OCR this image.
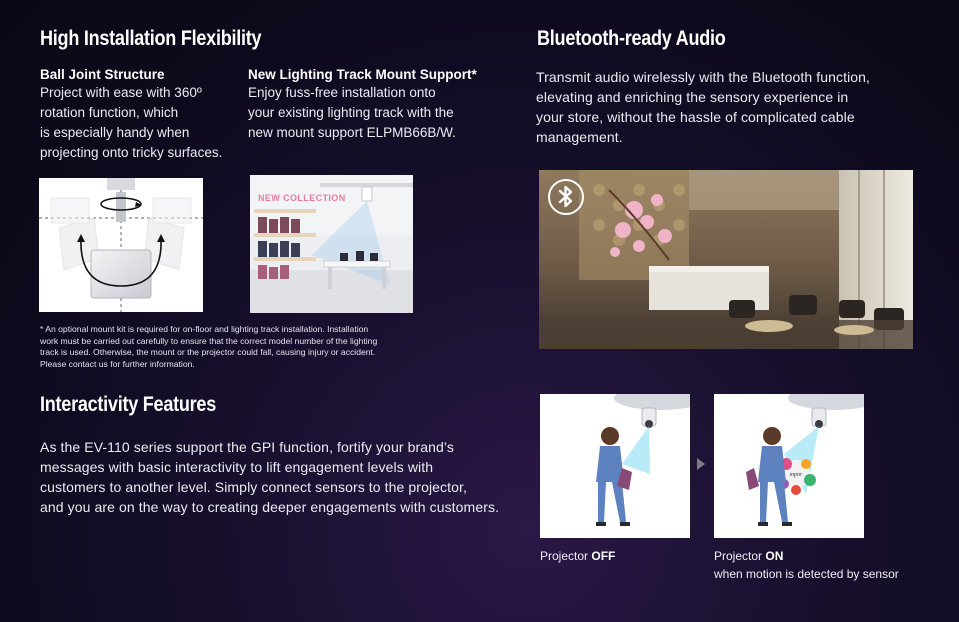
High Installation Flexibility
Ball Joint Structure
Project with ease with 360º
rotation function, which
is especially handy when
projecting onto tricky surfaces.
New Lighting Track Mount Support*
Enjoy fuss-free installation onto
your existing lighting track with the
new mount support ELPMB66B/W.
NEW COLLECTION
* An optional mount kit is required for on-floor and lighting track installation. Installation
work must be carried out carefully to ensure that the correct model number of the lighting
track is used. Otherwise, the mount or the projector could fall, causing injury or accident.
Please contact us for further information.
Bluetooth-ready Audio
Transmit audio wirelessly with the Bluetooth function,
elevating and enriching the sensory experience in
your store, without the hassle of complicated cable
management.
Interactivity Features
As the EV-110 series support the GPI function, fortify your brand’s
messages with basic interactivity to lift engagement levels with
customers to another level. Simply connect sensors to the projector,
and you are on the way to creating deeper engagements with customers.
mpor
Projector OFF	Projector ON
when motion is detected by sensor
